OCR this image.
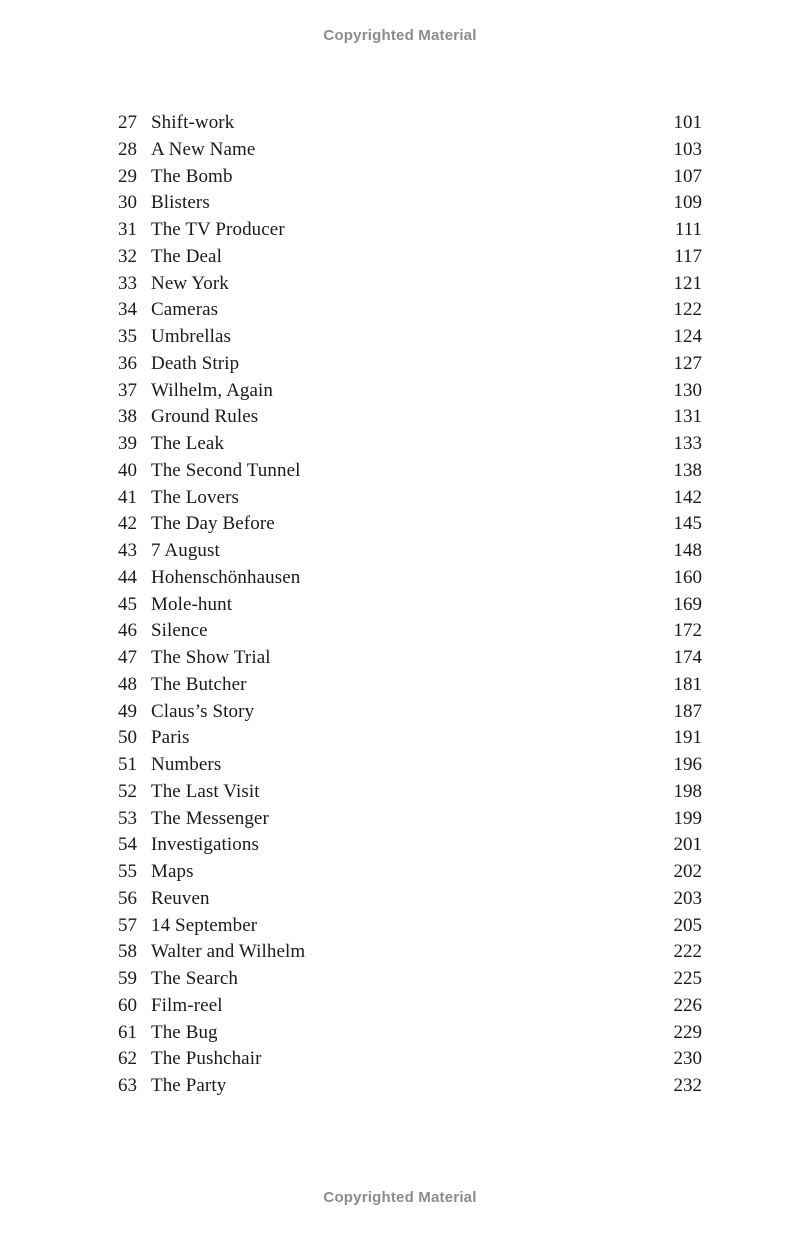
Copyrighted Material
27 Shift-work	101
28 A New Name	103
29 The Bomb	107
30 Blisters	109
31 The TV Producer	111
32 The Deal	117
33 New York	121
34 Cameras	122
35 Umbrellas	124
36 Death Strip	127
37 Wilhelm, Again	130
38 Ground Rules	131
39 The Leak	133
40 The Second Tunnel	138
41 The Lovers	142
42 The Day Before	145
43 7 August	148
44 Hohenschönhausen	160
45 Mole-hunt	169
46 Silence	172
47 The Show Trial	174
48 The Butcher	181
49 Claus’s Story	187
50 Paris	191
51 Numbers	196
52 The Last Visit	198
53 The Messenger	199
54 Investigations	201
55 Maps	202
56 Reuven	203
57 14 September	205
58 Walter and Wilhelm	222
59 The Search	225
60 Film-reel	226
61 The Bug	229
62 The Pushchair	230
63 The Party	232
Copyrighted Material
